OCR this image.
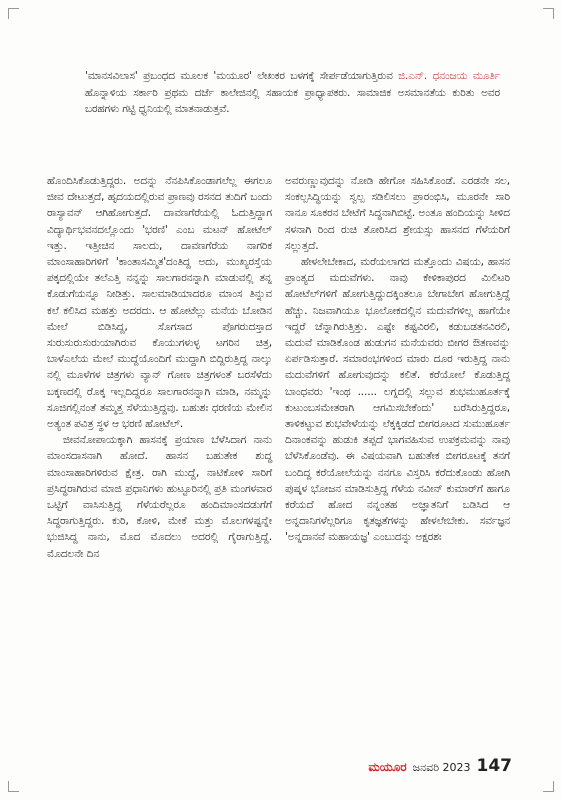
'ಮಾನಸವಿಲಾಸ' ಪ್ರಬಂಧದ ಮೂಲಕ 'ಮಯೂರ' ಲೇಖಕರ ಬಳಗಕ್ಕೆ ಸೇರ್ಪಡೆಯಾಗುತ್ತಿರುವ ಜಿ.ಎನ್. ಧನಂಜಯ ಮೂರ್ತಿ ಹೊನ್ನಾಳಿಯ ಸರ್ಕಾರಿ ಪ್ರಥಮ ದರ್ಜೆ ಕಾಲೇಜಿನಲ್ಲಿ ಸಹಾಯಕ ಪ್ರಾಧ್ಯಾಪಕರು. ಸಾಮಾಜಿಕ ಅಸಮಾನತೆಯ ಕುರಿತು ಅವರ ಬರಹಗಳು ಗಟ್ಟಿ ಧ್ವನಿಯಲ್ಲಿ ಮಾತನಾಡುತ್ತವೆ.

ಹೊಂದಿಸಿಕೊಡುತ್ತಿದ್ದರು. ಅದನ್ನು ನೆನಪಿಸಿಕೊಂಡಾಗಲೆಲ್ಲ ಈಗಲೂ ಜೀವ ದೇಟುತ್ತದೆ, ಹೃದಯದಲ್ಲಿರುವ ಪ್ರಾಣವು ರಸನದ ತುದಿಗೆ ಬಂದು ರಾಸ್ಯಾವನ್ ಆಗಿಹೋಗುತ್ತದೆ. ದಾವಣಗೆರೆಯಲ್ಲಿ ಓದುತ್ತಿದ್ದಾಗ ವಿದ್ಯಾರ್ಥಿಭವನದಲ್ಲೊಂದು 'ಭರಣಿ' ಎಂಬ ಮಟನ್ ಹೋಟೆಲ್ ಇತ್ತು. ಇತ್ತೀಚಿನ ಸಾಲದು, ದಾವಣಗೆರೆಯ ನಾಗರಿಕ ಮಾಂಸಾಹಾರಿಗಳಿಗೆ 'ಕಾಂತಾಸಮ್ಮಿತ'ದಂತಿದ್ದ ಅದು, ಮುಖ್ಯರಸ್ತೆಯ ಪಕ್ಕದಲ್ಲಿಯೇ ತಲೆಎತ್ತಿ ನನ್ನನ್ನು ಸಾಲಗಾರನನ್ನಾಗಿ ಮಾಡುವಲ್ಲಿ ತನ್ನ ಕೊಡುಗೆಯನ್ನೂ ನೀಡಿತ್ತು. ಸಾಲಮಾಡಿಯಾದರೂ ಮಾಂಸ ತಿನ್ನುವ ಕಲೆ ಕಲಿಸಿದ ಮಹತ್ತು ಅದರದು. ಆ ಹೋಟೆಲ್ಲು ಮನೆಯ ಬೋಡಿನ ಮೇಲೆ ಬಿಡಿಸಿದ್ದ, ಸೊಗಸಾದ ಪೊಗರುದಸ್ತಾದ ಸುರುಸುರುಸುರುಯಾಗಿರುವ ಕೊಯುಗಳುಳ್ಳ ಟಗರಿನ ಚಿತ್ರ, ಬಾಳೆಎಲೆಯ ಮೇಲೆ ಮುದ್ದೆಯೊಂದಿಗೆ ಮುದ್ದಾಗಿ ಬಿದ್ದಿರುತ್ತಿದ್ದ ನಾಲ್ಕು ನಲ್ಲಿ ಮೂಳೆಗಳ ಚಿತ್ರಗಳು ವ್ಯಾನ್ ಗೋಣ ಚಿತ್ರಗಳಂತೆ ಬರಸೆಳೆದು ಬಕ್ಕಣದಲ್ಲಿ ರೊಕ್ಕ ಇಲ್ಲದಿದ್ದರೂ ಸಾಲಗಾರನನ್ನಾಗಿ ಮಾಡಿ, ನಮ್ಮನ್ನು ಸೂಜಿಗಲ್ಲಿನಂತೆ ತಮ್ಮತ್ತ ಸೆಳೆಯುತ್ತಿದ್ದವು. ಬಹುಶಃ ಧರಣಿಯ ಮೇಲಿನ ಅತ್ಯಂತ ಪವಿತ್ರ ಸ್ಥಳ ಆ ಭರಣಿ ಹೋಟೆಲ್.

ಜೀವನೋಪಾಯಕ್ಕಾಗಿ ಹಾಸನಕ್ಕೆ ಪ್ರಯಾಣ ಬೆಳೆಸಿದಾಗ ನಾನು ಮಾಂಸದಾಸನಾಗಿ ಹೋದೆ. ಹಾಸನ ಬಹುತೇಕ ಶುದ್ಧ ಮಾಂಸಾಹಾರಿಗಳಿರುವ ಕ್ಷೇತ್ರ. ರಾಗಿ ಮುದ್ದೆ, ನಾಟಿಕೋಳಿ ಸಾರಿಗೆ ಪ್ರಸಿದ್ಧರಾಗಿರುವ ಮಾಜಿ ಪ್ರಧಾನಿಗಳು ಹುಟ್ಟೂರಿನಲ್ಲಿ ಪ್ರತಿ ಮಂಗಳವಾರ ಒಟ್ಟಿಗೆ ವಾಸಿಸುತ್ತಿದ್ದ ಗೆಳೆಯರೆಲ್ಲರೂ ಹಂದಿಮಾಂಸದಡುಗೆಗೆ ಸಿದ್ಧರಾಗುತ್ತಿದ್ದರು. ಕುರಿ, ಕೋಳಿ, ಮೇಕೆ ಮತ್ತು ಮೊಲಗಳಷ್ಟನ್ನೇ ಭುಜಿಸಿದ್ದ ನಾನು, ಮೊದ ಮೊದಲು ಅದರಲ್ಲಿ ಗೈರಾಗುತ್ತಿದ್ದೆ. ಮೊದಲನೇ ದಿನ

ಅವರುಣ್ಣುವುದನ್ನು ನೋಡಿ ಹೇಗೋ ಸಹಿಸಿಕೊಂಡೆ. ಎರಡನೇ ಸಲ, ಸಂಕಲ್ಪಸಿದ್ಧಿಯನ್ನು ಸ್ವಲ್ಪ ಸಡಿಲಿಸಲು ಪ್ರಾರಂಭಿಸಿ, ಮೂರನೇ ಸಾರಿ ನಾನೂ ಸೂಕರನ ಬೇಟೆಗೆ ಸಿದ್ಧನಾಗಿಬಿಟ್ಟೆ. ಅಂತೂ ಹಂದಿಯನ್ನು ಸೀಳಿದ ಸಳನಾಗಿ ರಿಂದ ರುಚಿ ತೋರಿಸಿದ ಶ್ರೇಯಸ್ಸು ಹಾಸನದ ಗೆಳೆಯರಿಗೆ ಸಲ್ಲುತ್ತದೆ.

ಹೇಳಲೇಬೇಕಾದ, ಮರೆಯಲಾಗದ ಮತ್ತೊಂದು ವಿಷಯ, ಹಾಸನ ಪ್ರಾಂತ್ಯದ ಮದುವೆಗಳು. ನಾವು ಕೇಳಿಕಾಪುರದ ಮಿಲಿಟರಿ ಹೋಟೆಲ್‌ಗಳಿಗೆ ಹೋಗುತ್ತಿದ್ದುದಕ್ಕಿಂತಲೂ ಬೇಗಾಬೇಗ ಹೋಗುತ್ತಿದ್ದೆ ಹೆಚ್ಚು. ನಿಜವಾಗಿಯೂ ಭೂಲೋಕದಲ್ಲಿನ ಮದುವೆಗಳಿಲ್ಲ ಹಾಗೆಯೇ ಇದ್ದರೆ ಚೆನ್ನಾಗಿರುತ್ತಿತ್ತು. ಎಷ್ಟೇ ಕಷ್ಟವಿರಲಿ, ಕಡುಬಡತನವಿರಲಿ, ಮದುವೆ ಮಾಡಿಕೊಂಡ ಹುಡುಗನ ಮನೆಯವರು ಬೀಗರ ಔತಣವನ್ನು ಏರ್ಪಡಿಸುತ್ತಾರೆ. ಸಮಾರಂಭಗಳಿಂದ ಮಾರು ದೂರ ಇರುತ್ತಿದ್ದ ನಾನು ಮದುವೆಗಳಿಗೆ ಹೋಗುವುದನ್ನು ಕಲಿತೆ. ಕರೆಯೋಲೆ ಕೊಡುತ್ತಿದ್ದ ಬಾಂಧವರು 'ಇಂಥ ...... ಲಗ್ನದಲ್ಲಿ ಸಲ್ಲುವ ಶುಭಮುಹೂರ್ತಕ್ಕೆ ಕುಟುಂಬಸಮೇತರಾಗಿ ಆಗಮಿಸಬೇಕೆಂದು' ಬರೆಸಿರುತ್ತಿದ್ದರೂ, ತಾಳಿಕಟ್ಟುವ ಶುಭವೇಳೆಯನ್ನು ಲೆಕ್ಕಕ್ಕಿಡದೆ ಬೀಗರೂಟದ ಸುಮುಹೂರ್ತ ದಿನಾಂಕವನ್ನು ಹುಡುಕಿ ತಪ್ಪದೆ ಭಾಗವಹಿಸುವ ಉಪಕ್ರಮವನ್ನು ನಾವು ಬೆಳೆಸಿಕೊಂಡೆವು. ಈ ವಿಷಯವಾಗಿ ಬಹುತೇಕ ಬೀಗರೂಟಕ್ಕೆ ತನಗೆ ಬಂದಿದ್ದ ಕರೆಯೋಲೆಯನ್ನು ನನಗೂ ವಿಸ್ತರಿಸಿ ಕರೆದುಕೊಂಡು ಹೋಗಿ ಪುಷ್ಕಳ ಭೋಜನ ಮಾಡಿಸುತ್ತಿದ್ದ ಗೆಳೆಯ ನವೀನ್ ಕುಮಾರ್‌ಗೆ ಹಾಗೂ ಕರೆಯದೆ ಹೋದ ನನ್ನಂತಹ ಅಜ್ಞಾತನಿಗೆ ಬಡಿಸಿದ ಆ ಅನ್ನದಾನಿಗಳೆಲ್ಲರಿಗೂ ಕೃತಜ್ಞತೆಗಳನ್ನು ಹೇಳಲೇಬೇಕು. ಸರ್ವಜ್ಞನ 'ಅನ್ನದಾನವೆ ಮಹಾಯಜ್ಞ' ಎಂಬುದನ್ನು ಅಕ್ಷರಶಃ

ಮಯೂರ ಜನವರಿ 2023 147
